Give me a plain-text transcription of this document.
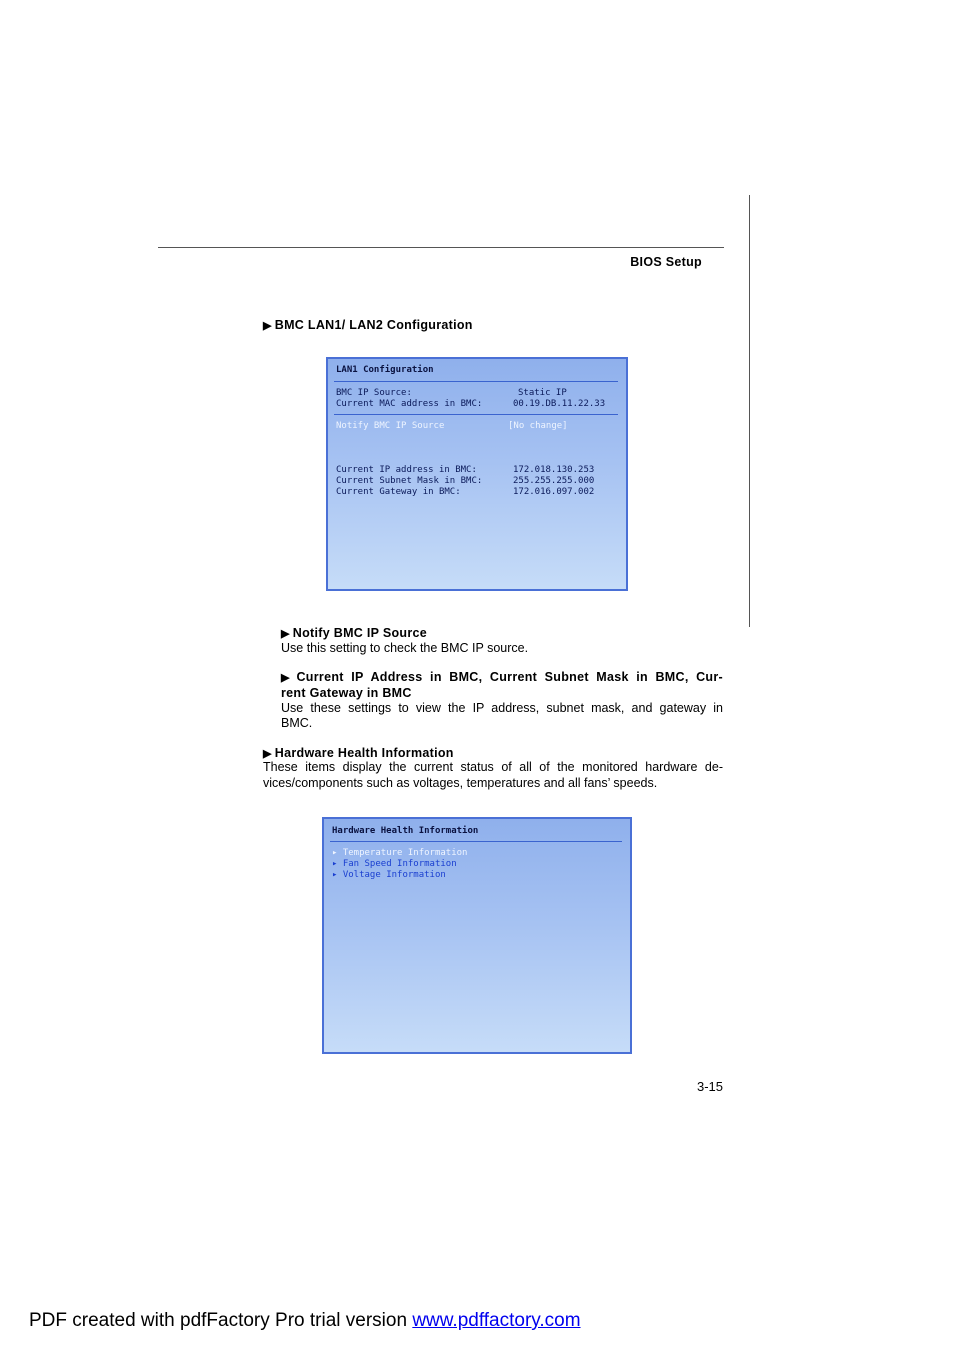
BIOS Setup
▶ BMC LAN1/ LAN2 Configuration
LAN1 Configuration
BMC IP Source:	Static IP
Current MAC address in BMC:	00.19.DB.11.22.33
Notify BMC IP Source	[No change]
Current IP address in BMC:	172.018.130.253
Current Subnet Mask in BMC:	255.255.255.000
Current Gateway in BMC:	172.016.097.002
▶ Notify BMC IP Source
Use this setting to check the BMC IP source.
▶ Current IP Address in BMC, Current Subnet Mask in BMC, Cur-
rent Gateway in BMC
Use these settings to view the IP address, subnet mask, and gateway in
BMC.
▶ Hardware Health Information
These items display the current status of all of the monitored hardware de-
vices/components such as voltages, temperatures and all fans’ speeds.
Hardware Health Information
▸ Temperature Information
▸ Fan Speed Information
▸ Voltage Information
3-15
PDF created with pdfFactory Pro trial version www.pdffactory.com
